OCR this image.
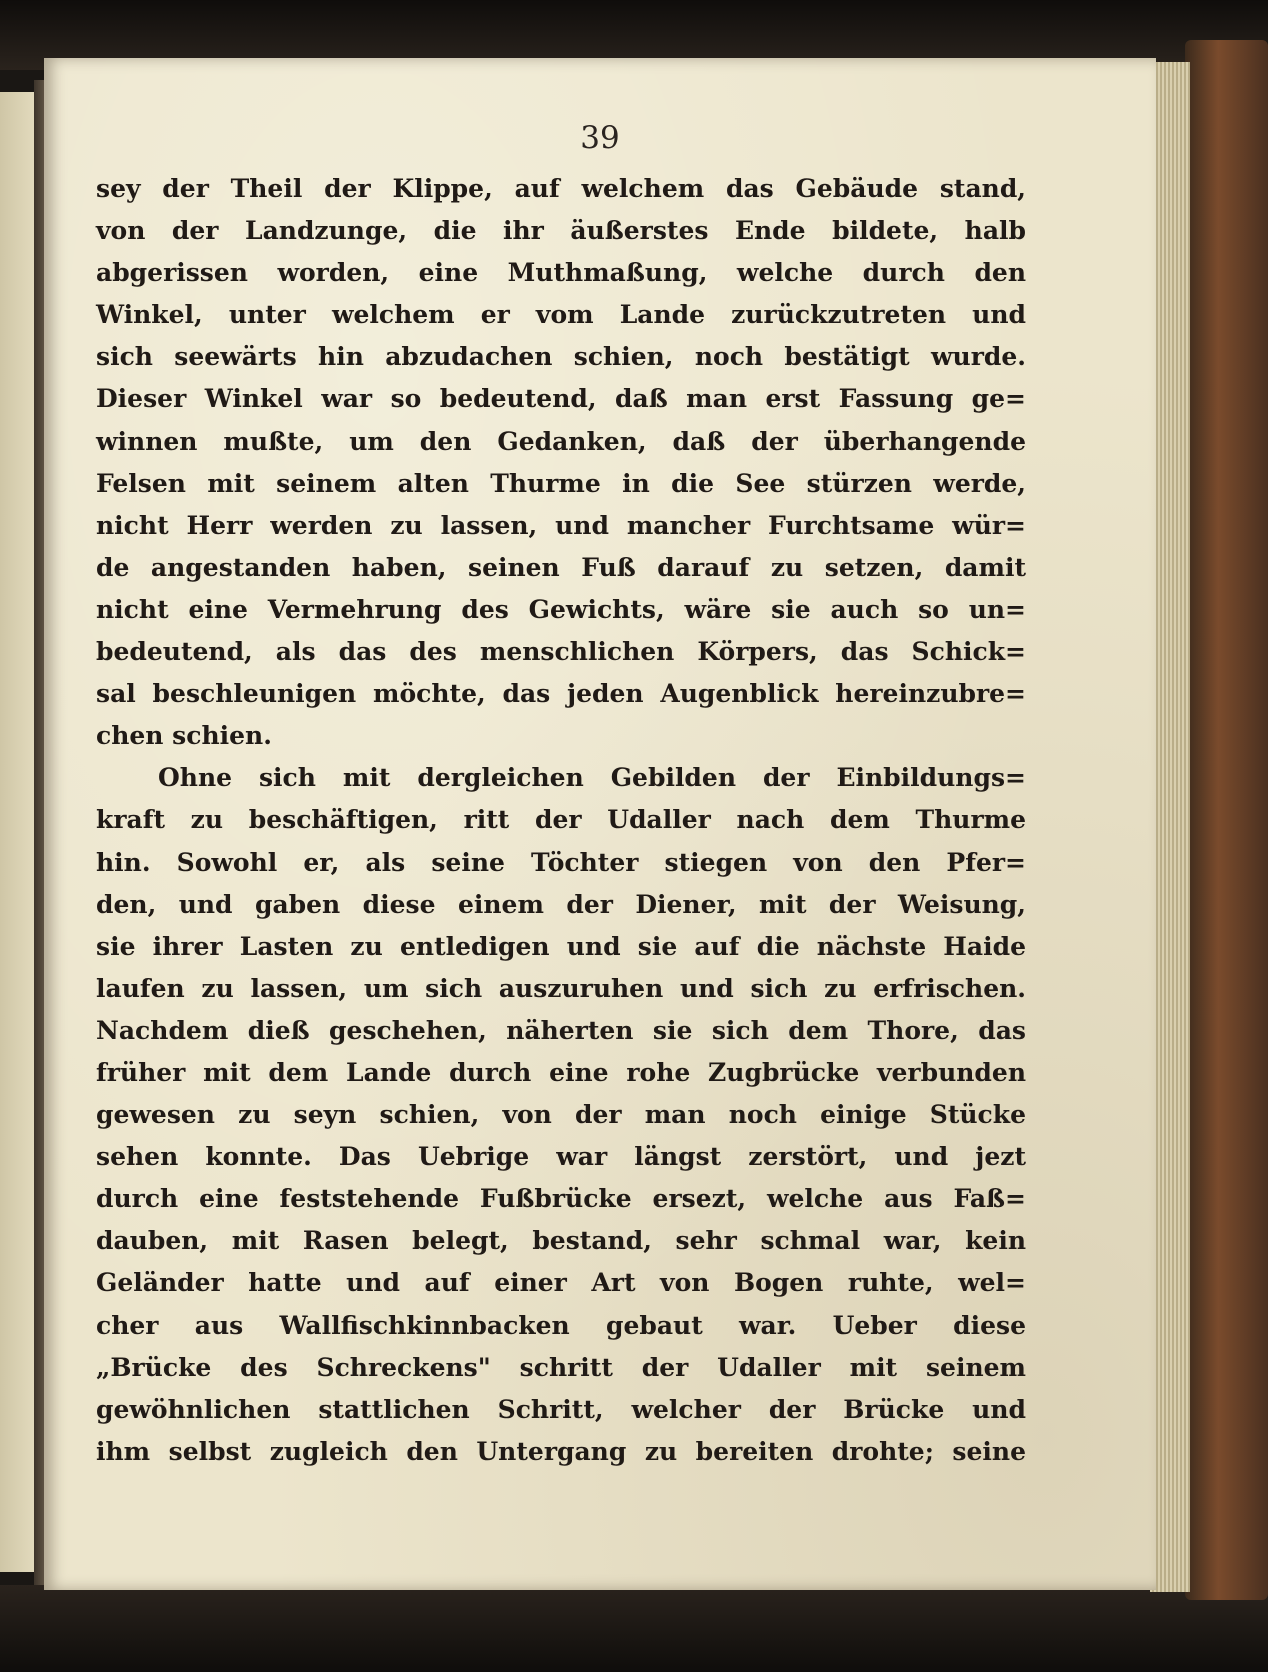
39
sey der Theil der Klippe, auf welchem das Gebäude stand,
von der Landzunge, die ihr äußerstes Ende bildete, halb
abgerissen worden, eine Muthmaßung, welche durch den
Winkel, unter welchem er vom Lande zurückzutreten und
sich seewärts hin abzudachen schien, noch bestätigt wurde.
Dieser Winkel war so bedeutend, daß man erst Fassung ge=
winnen mußte, um den Gedanken, daß der überhangende
Felsen mit seinem alten Thurme in die See stürzen werde,
nicht Herr werden zu lassen, und mancher Furchtsame wür=
de angestanden haben, seinen Fuß darauf zu setzen, damit
nicht eine Vermehrung des Gewichts, wäre sie auch so un=
bedeutend, als das des menschlichen Körpers, das Schick=
sal beschleunigen möchte, das jeden Augenblick hereinzubre=
chen schien.
Ohne sich mit dergleichen Gebilden der Einbildungs=
kraft zu beschäftigen, ritt der Udaller nach dem Thurme
hin. Sowohl er, als seine Töchter stiegen von den Pfer=
den, und gaben diese einem der Diener, mit der Weisung,
sie ihrer Lasten zu entledigen und sie auf die nächste Haide
laufen zu lassen, um sich auszuruhen und sich zu erfrischen.
Nachdem dieß geschehen, näherten sie sich dem Thore, das
früher mit dem Lande durch eine rohe Zugbrücke verbunden
gewesen zu seyn schien, von der man noch einige Stücke
sehen konnte. Das Uebrige war längst zerstört, und jezt
durch eine feststehende Fußbrücke ersezt, welche aus Faß=
dauben, mit Rasen belegt, bestand, sehr schmal war, kein
Geländer hatte und auf einer Art von Bogen ruhte, wel=
cher aus Wallfischkinnbacken gebaut war. Ueber diese
„Brücke des Schreckens" schritt der Udaller mit seinem
gewöhnlichen stattlichen Schritt, welcher der Brücke und
ihm selbst zugleich den Untergang zu bereiten drohte; seine
